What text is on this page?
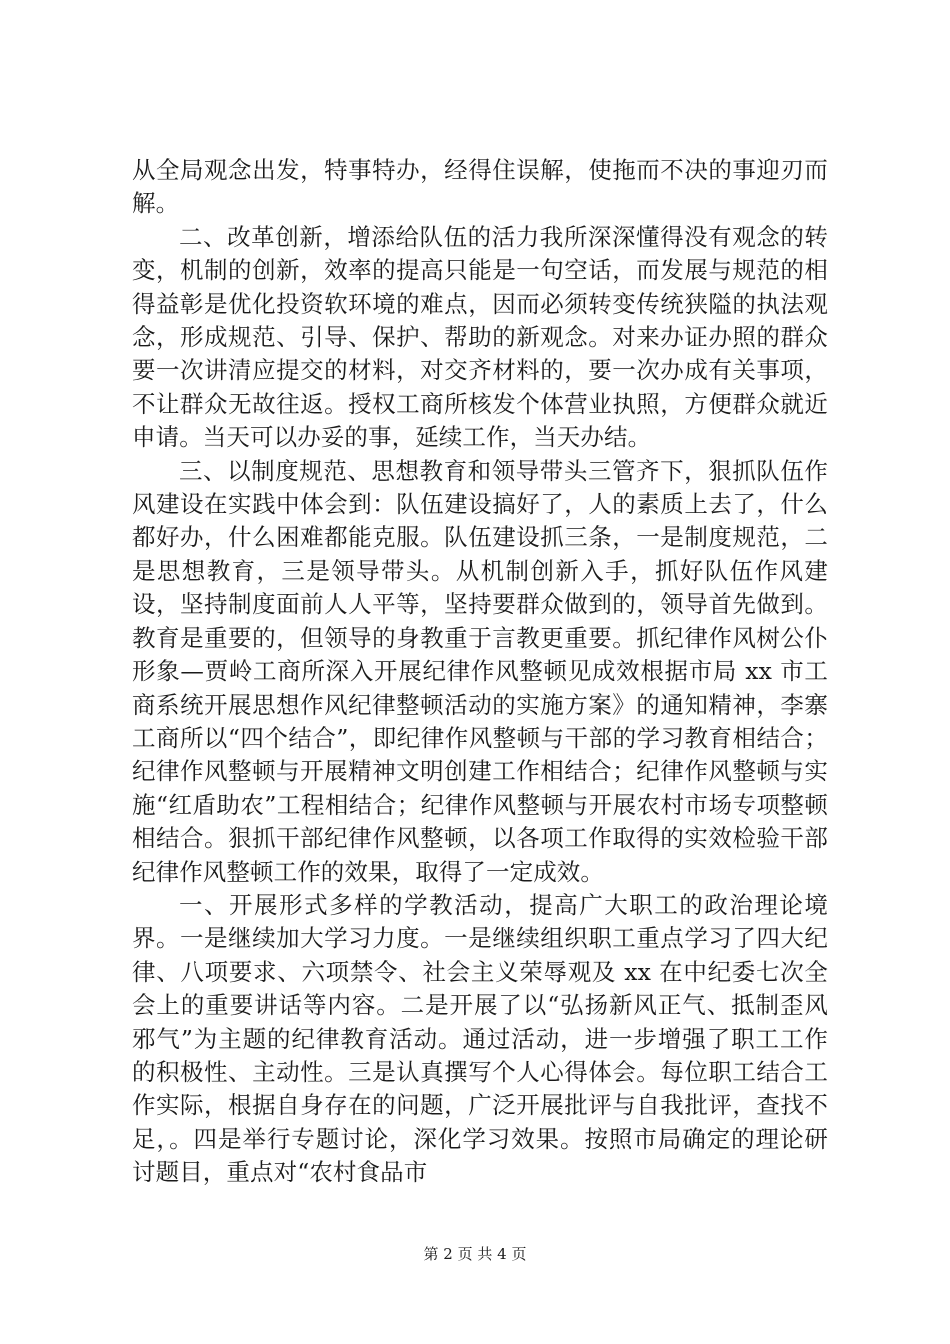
从全局观念出发，特事特办，经得住误解，使拖而不决的事迎刃而解。

二、改革创新，增添给队伍的活力我所深深懂得没有观念的转变，机制的创新，效率的提高只能是一句空话，而发展与规范的相得益彰是优化投资软环境的难点，因而必须转变传统狭隘的执法观念，形成规范、引导、保护、帮助的新观念。对来办证办照的群众要一次讲清应提交的材料，对交齐材料的，要一次办成有关事项，不让群众无故往返。授权工商所核发个体营业执照，方便群众就近申请。当天可以办妥的事，延续工作，当天办结。

三、以制度规范、思想教育和领导带头三管齐下，狠抓队伍作风建设在实践中体会到：队伍建设搞好了，人的素质上去了，什么都好办，什么困难都能克服。队伍建设抓三条，一是制度规范，二是思想教育，三是领导带头。从机制创新入手，抓好队伍作风建设，坚持制度面前人人平等，坚持要群众做到的，领导首先做到。教育是重要的，但领导的身教重于言教更重要。抓纪律作风树公仆形象—贾岭工商所深入开展纪律作风整顿见成效根据市局 xx 市工商系统开展思想作风纪律整顿活动的实施方案》的通知精神，李寨工商所以“四个结合”，即纪律作风整顿与干部的学习教育相结合；纪律作风整顿与开展精神文明创建工作相结合；纪律作风整顿与实施“红盾助农”工程相结合；纪律作风整顿与开展农村市场专项整顿相结合。狠抓干部纪律作风整顿，以各项工作取得的实效检验干部纪律作风整顿工作的效果，取得了一定成效。

一、开展形式多样的学教活动，提高广大职工的政治理论境界。一是继续加大学习力度。一是继续组织职工重点学习了四大纪律、八项要求、六项禁令、社会主义荣辱观及 xx 在中纪委七次全会上的重要讲话等内容。二是开展了以“弘扬新风正气、抵制歪风邪气”为主题的纪律教育活动。通过活动，进一步增强了职工工作的积极性、主动性。三是认真撰写个人心得体会。每位职工结合工作实际，根据自身存在的问题，广泛开展批评与自我批评，查找不足，。四是举行专题讨论，深化学习效果。按照市局确定的理论研讨题目，重点对“农村食品市

第 2 页 共 4 页
